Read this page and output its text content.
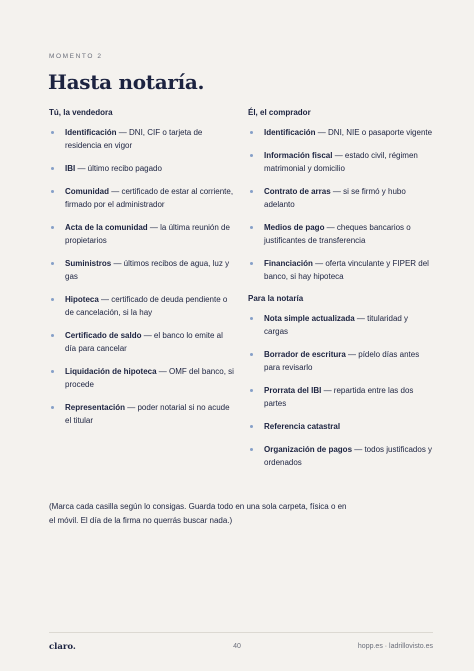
MOMENTO 2
Hasta notaría.
Tú, la vendedora
Identificación — DNI, CIF o tarjeta de residencia en vigor
IBI — último recibo pagado
Comunidad — certificado de estar al corriente, firmado por el administrador
Acta de la comunidad — la última reunión de propietarios
Suministros — últimos recibos de agua, luz y gas
Hipoteca — certificado de deuda pendiente o de cancelación, si la hay
Certificado de saldo — el banco lo emite al día para cancelar
Liquidación de hipoteca — OMF del banco, si procede
Representación — poder notarial si no acude el titular
Él, el comprador
Identificación — DNI, NIE o pasaporte vigente
Información fiscal — estado civil, régimen matrimonial y domicilio
Contrato de arras — si se firmó y hubo adelanto
Medios de pago — cheques bancarios o justificantes de transferencia
Financiación — oferta vinculante y FIPER del banco, si hay hipoteca
Para la notaría
Nota simple actualizada — titularidad y cargas
Borrador de escritura — pídelo días antes para revisarlo
Prorrata del IBI — repartida entre las dos partes
Referencia catastral
Organización de pagos — todos justificados y ordenados
(Marca cada casilla según lo consigas. Guarda todo en una sola carpeta, física o en el móvil. El día de la firma no querrás buscar nada.)
claro.	40	hopp.es · ladrillovisto.es
